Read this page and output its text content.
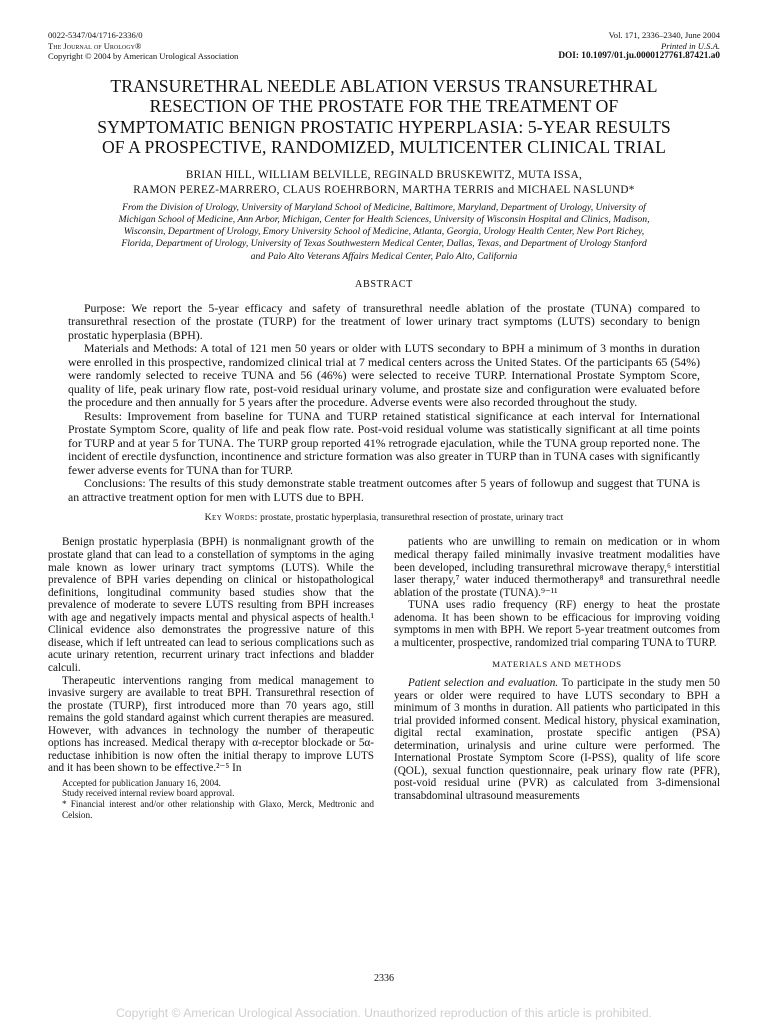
0022-5347/04/1716-2336/0
The Journal of Urology®
Copyright © 2004 by American Urological Association
Vol. 171, 2336–2340, June 2004
Printed in U.S.A.
DOI: 10.1097/01.ju.0000127761.87421.a0
TRANSURETHRAL NEEDLE ABLATION VERSUS TRANSURETHRAL
RESECTION OF THE PROSTATE FOR THE TREATMENT OF
SYMPTOMATIC BENIGN PROSTATIC HYPERPLASIA: 5-YEAR RESULTS
OF A PROSPECTIVE, RANDOMIZED, MULTICENTER CLINICAL TRIAL
BRIAN HILL, WILLIAM BELVILLE, REGINALD BRUSKEWITZ, MUTA ISSA,
RAMON PEREZ-MARRERO, CLAUS ROEHRBORN, MARTHA TERRIS and MICHAEL NASLUND*
From the Division of Urology, University of Maryland School of Medicine, Baltimore, Maryland, Department of Urology, University of
Michigan School of Medicine, Ann Arbor, Michigan, Center for Health Sciences, University of Wisconsin Hospital and Clinics, Madison,
Wisconsin, Department of Urology, Emory University School of Medicine, Atlanta, Georgia, Urology Health Center, New Port Richey,
Florida, Department of Urology, University of Texas Southwestern Medical Center, Dallas, Texas, and Department of Urology Stanford
and Palo Alto Veterans Affairs Medical Center, Palo Alto, California
ABSTRACT

Purpose: We report the 5-year efficacy and safety of transurethral needle ablation of the prostate (TUNA) compared to transurethral resection of the prostate (TURP) for the treatment of lower urinary tract symptoms (LUTS) secondary to benign prostatic hyperplasia (BPH).

Materials and Methods: A total of 121 men 50 years or older with LUTS secondary to BPH a minimum of 3 months in duration were enrolled in this prospective, randomized clinical trial at 7 medical centers across the United States. Of the participants 65 (54%) were randomly selected to receive TUNA and 56 (46%) were selected to receive TURP. International Prostate Symptom Score, quality of life, peak urinary flow rate, post-void residual urinary volume, and prostate size and configuration were evaluated before the procedure and then annually for 5 years after the procedure. Adverse events were also recorded throughout the study.

Results: Improvement from baseline for TUNA and TURP retained statistical significance at each interval for International Prostate Symptom Score, quality of life and peak flow rate. Post-void residual volume was statistically significant at all time points for TURP and at year 5 for TUNA. The TURP group reported 41% retrograde ejaculation, while the TUNA group reported none. The incident of erectile dysfunction, incontinence and stricture formation was also greater in TURP than in TUNA cases with significantly fewer adverse events for TUNA than for TURP.

Conclusions: The results of this study demonstrate stable treatment outcomes after 5 years of followup and suggest that TUNA is an attractive treatment option for men with LUTS due to BPH.

Key Words: prostate, prostatic hyperplasia, transurethral resection of prostate, urinary tract

Benign prostatic hyperplasia (BPH) is nonmalignant growth of the prostate gland that can lead to a constellation of symptoms in the aging male known as lower urinary tract symptoms (LUTS). While the prevalence of BPH varies depending on clinical or histopathological definitions, longitudinal community based studies show that the prevalence of moderate to severe LUTS resulting from BPH increases with age and negatively impacts mental and physical aspects of health.¹ Clinical evidence also demonstrates the progressive nature of this disease, which if left untreated can lead to serious complications such as acute urinary retention, recurrent urinary tract infections and bladder calculi.

Therapeutic interventions ranging from medical management to invasive surgery are available to treat BPH. Transurethral resection of the prostate (TURP), first introduced more than 70 years ago, still remains the gold standard against which current therapies are measured. However, with advances in technology the number of therapeutic options has increased. Medical therapy with α-receptor blockade or 5α-reductase inhibition is now often the initial therapy to improve LUTS and it has been shown to be effective.²⁻⁵ In

Accepted for publication January 16, 2004.
Study received internal review board approval.
* Financial interest and/or other relationship with Glaxo, Merck, Medtronic and Celsion.

patients who are unwilling to remain on medication or in whom medical therapy failed minimally invasive treatment modalities have been developed, including transurethral microwave therapy,⁶ interstitial laser therapy,⁷ water induced thermotherapy⁸ and transurethral needle ablation of the prostate (TUNA).⁹⁻¹¹

TUNA uses radio frequency (RF) energy to heat the prostate adenoma. It has been shown to be efficacious for improving voiding symptoms in men with BPH. We report 5-year treatment outcomes from a multicenter, prospective, randomized trial comparing TUNA to TURP.

MATERIALS AND METHODS

Patient selection and evaluation. To participate in the study men 50 years or older were required to have LUTS secondary to BPH a minimum of 3 months in duration. All patients who participated in this trial provided informed consent. Medical history, physical examination, digital rectal examination, prostate specific antigen (PSA) determination, urinalysis and urine culture were performed. The International Prostate Symptom Score (I-PSS), quality of life score (QOL), sexual function questionnaire, peak urinary flow rate (PFR), post-void residual urine (PVR) as calculated from 3-dimensional transabdominal ultrasound measurements

2336
Copyright © American Urological Association. Unauthorized reproduction of this article is prohibited.
